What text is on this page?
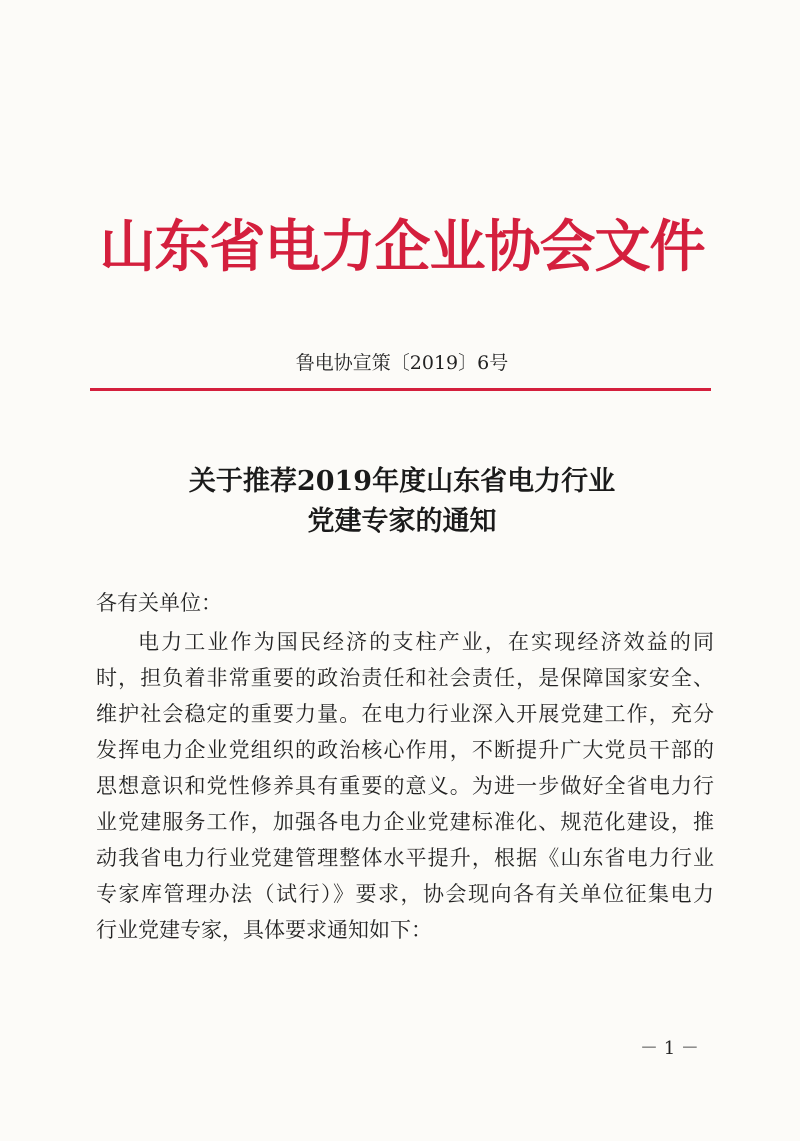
山东省电力企业协会文件
鲁电协宣策〔2019〕6号
关于推荐2019年度山东省电力行业
党建专家的通知
各有关单位：
电力工业作为国民经济的支柱产业，在实现经济效益的同
时，担负着非常重要的政治责任和社会责任，是保障国家安全、
维护社会稳定的重要力量。在电力行业深入开展党建工作，充分
发挥电力企业党组织的政治核心作用，不断提升广大党员干部的
思想意识和党性修养具有重要的意义。为进一步做好全省电力行
业党建服务工作，加强各电力企业党建标准化、规范化建设，推
动我省电力行业党建管理整体水平提升，根据《山东省电力行业
专家库管理办法（试行）》要求，协会现向各有关单位征集电力
行业党建专家，具体要求通知如下：
－ 1 －
